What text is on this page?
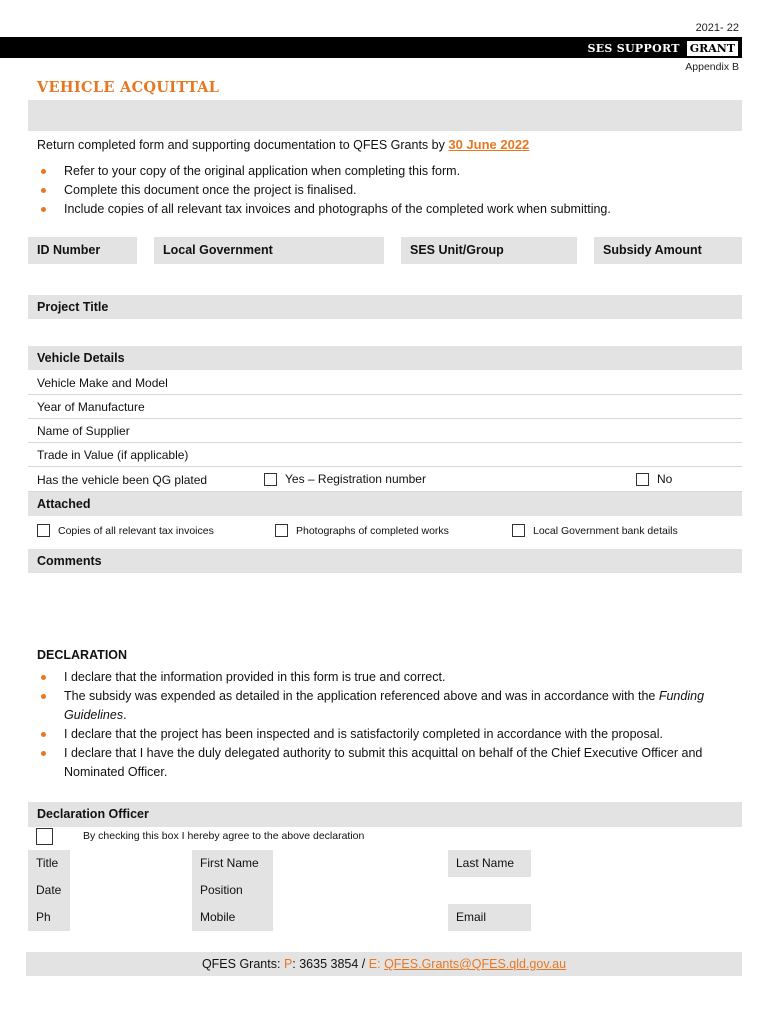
2021- 22
SES SUPPORT GRANT
Appendix B
VEHICLE ACQUITTAL
Return completed form and supporting documentation to QFES Grants by 30 June 2022
Refer to your copy of the original application when completing this form.
Complete this document once the project is finalised.
Include copies of all relevant tax invoices and photographs of the completed work when submitting.
ID Number	Local Government	SES Unit/Group	Subsidy Amount
Project Title
Vehicle Details
Vehicle Make and Model
Year of Manufacture
Name of Supplier
Trade in Value (if applicable)
Has the vehicle been QG plated	Yes – Registration number	No
Attached
Copies of all relevant tax invoices	Photographs of completed works	Local Government bank details
Comments
DECLARATION
I declare that the information provided in this form is true and correct.
The subsidy was expended as detailed in the application referenced above and was in accordance with the Funding
Guidelines.
I declare that the project has been inspected and is satisfactorily completed in accordance with the proposal.
I declare that I have the duly delegated authority to submit this acquittal on behalf of the Chief Executive Officer and Nominated Officer.
Declaration Officer
By checking this box I hereby agree to the above declaration
Title	First Name	Last Name
Date	Position
Ph	Mobile	Email
QFES Grants: P: 3635 3854 / E: QFES.Grants@QFES.qld.gov.au
